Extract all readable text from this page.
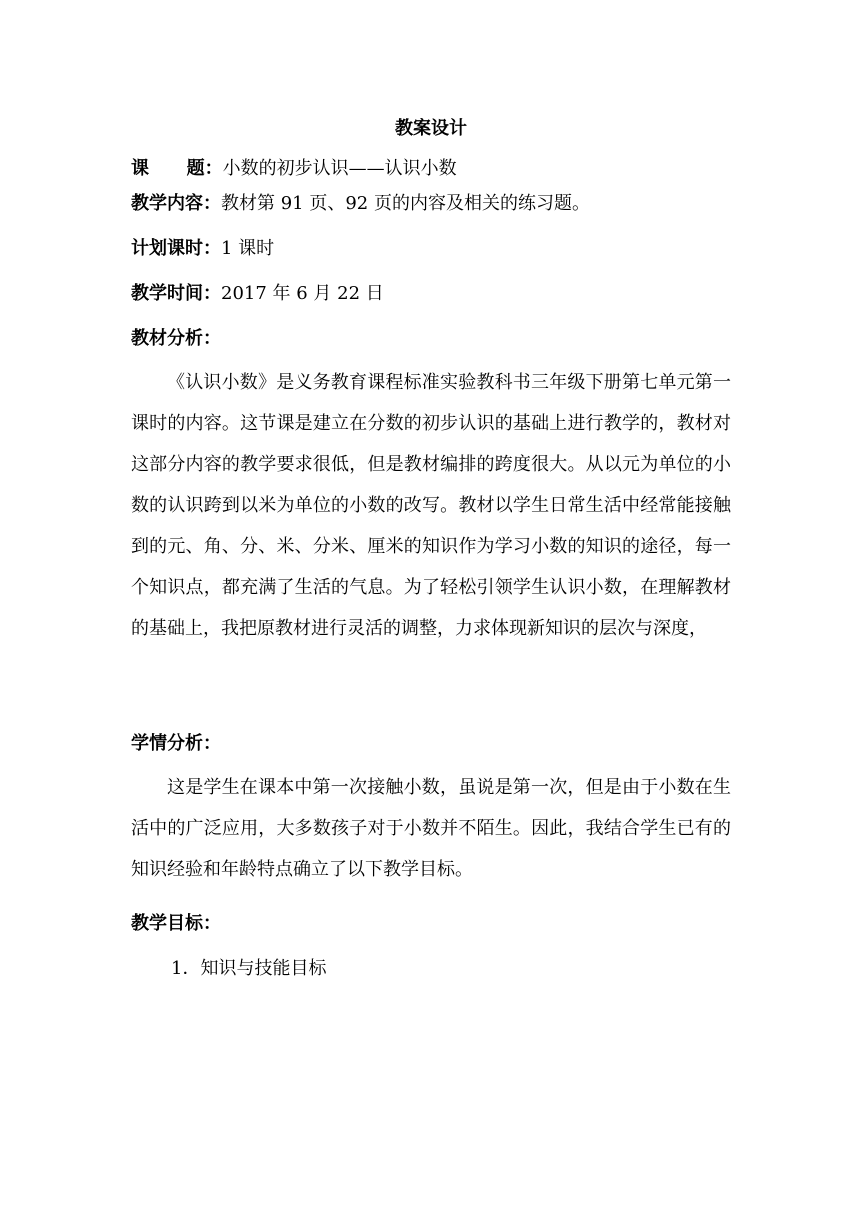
教案设计
课      题：小数的初步认识——认识小数
教学内容：教材第 91 页、92 页的内容及相关的练习题。
计划课时：1 课时
教学时间：2017 年 6 月 22 日
教材分析：

《认识小数》是义务教育课程标准实验教科书三年级下册第七单元第一课时的内容。这节课是建立在分数的初步认识的基础上进行教学的，教材对这部分内容的教学要求很低，但是教材编排的跨度很大。从以元为单位的小数的认识跨到以米为单位的小数的改写。教材以学生日常生活中经常能接触到的元、角、分、米、分米、厘米的知识作为学习小数的知识的途径，每一个知识点，都充满了生活的气息。为了轻松引领学生认识小数，在理解教材的基础上，我把原教材进行灵活的调整，力求体现新知识的层次与深度，

学情分析：

这是学生在课本中第一次接触小数，虽说是第一次，但是由于小数在生活中的广泛应用，大多数孩子对于小数并不陌生。因此，我结合学生已有的知识经验和年龄特点确立了以下教学目标。

教学目标：
1．知识与技能目标
